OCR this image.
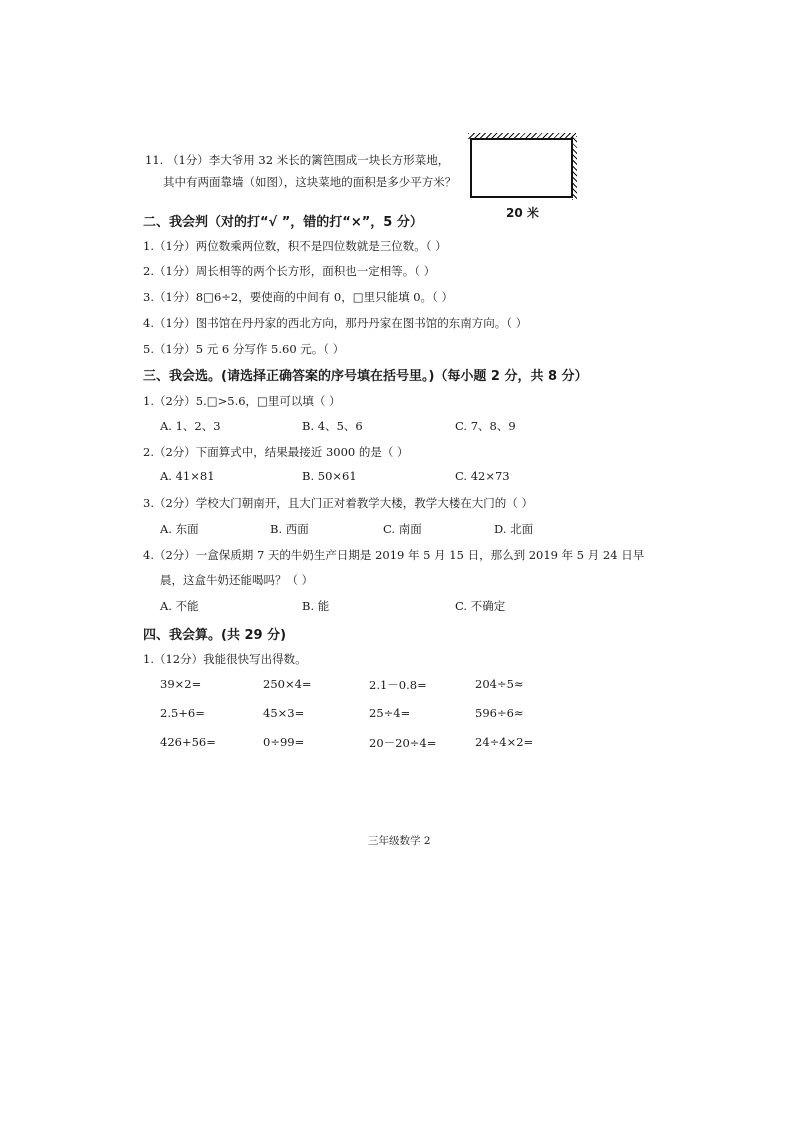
11. （1分）李大爷用 32 米长的篱笆围成一块长方形菜地，
其中有两面靠墙（如图），这块菜地的面积是多少平方米？
20 米
二、我会判（对的打“√ ”，错的打“×”，5 分）
1.（1分）两位数乘两位数，积不是四位数就是三位数。（ ）
2.（1分）周长相等的两个长方形，面积也一定相等。（ ）
3.（1分）8□6÷2，要使商的中间有 0，□里只能填 0。（ ）
4.（1分）图书馆在丹丹家的西北方向，那丹丹家在图书馆的东南方向。（ ）
5.（1分）5 元 6 分写作 5.60 元。（ ）
三、我会选。(请选择正确答案的序号填在括号里。)（每小题 2 分，共 8 分）
1.（2分）5.□>5.6，□里可以填（ ）
A. 1、2、3	B. 4、5、6	C. 7、8、9
2.（2分）下面算式中，结果最接近 3000 的是（ ）
A. 41×81	B. 50×61	C. 42×73
3.（2分）学校大门朝南开，且大门正对着教学大楼，教学大楼在大门的（ ）
A. 东面	B. 西面	C. 南面	D. 北面
4.（2分）一盒保质期 7 天的牛奶生产日期是 2019 年 5 月 15 日，那么到 2019 年 5 月 24 日早
晨，这盒牛奶还能喝吗？（ ）
A. 不能	B. 能	C. 不确定
四、我会算。(共 29 分)
1.（12分）我能很快写出得数。
39×2=	250×4=	2.1－0.8=	204÷5≈
2.5+6=	45×3=	25÷4=	596÷6≈
426+56=	0÷99=	20－20÷4=	24÷4×2=
三年级数学 2
